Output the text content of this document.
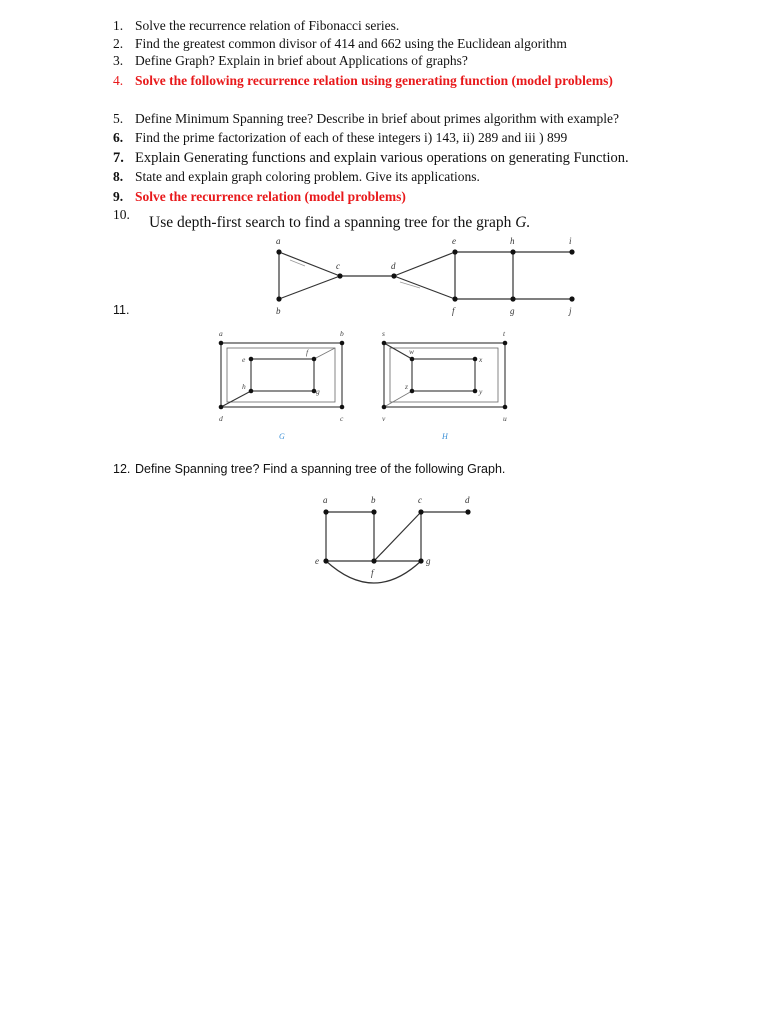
1. Solve the recurrence relation of Fibonacci series.
2. Find the greatest common divisor of 414 and 662 using the Euclidean algorithm
3. Define Graph? Explain in brief about Applications of graphs?
4. Solve the following recurrence relation using generating function (model problems)
5. Define Minimum Spanning tree? Describe in brief about primes algorithm with example?
6. Find the prime factorization of each of these integers i) 143, ii) 289 and iii ) 899
7. Explain Generating functions and explain various operations on generating Function.
8. State and explain graph coloring problem. Give its applications.
9. Solve the recurrence relation (model problems)
10.	Use depth-first search to find a spanning tree for the graph G.
a
b
c	d
e
f
h
g
i
j
11.
a	b
c
d
e
f
g
h
G
s	t
u
v
w
x
y
z
H
12. Define Spanning tree? Find a spanning tree of the following Graph.
a	b	c	d
e
f
g
